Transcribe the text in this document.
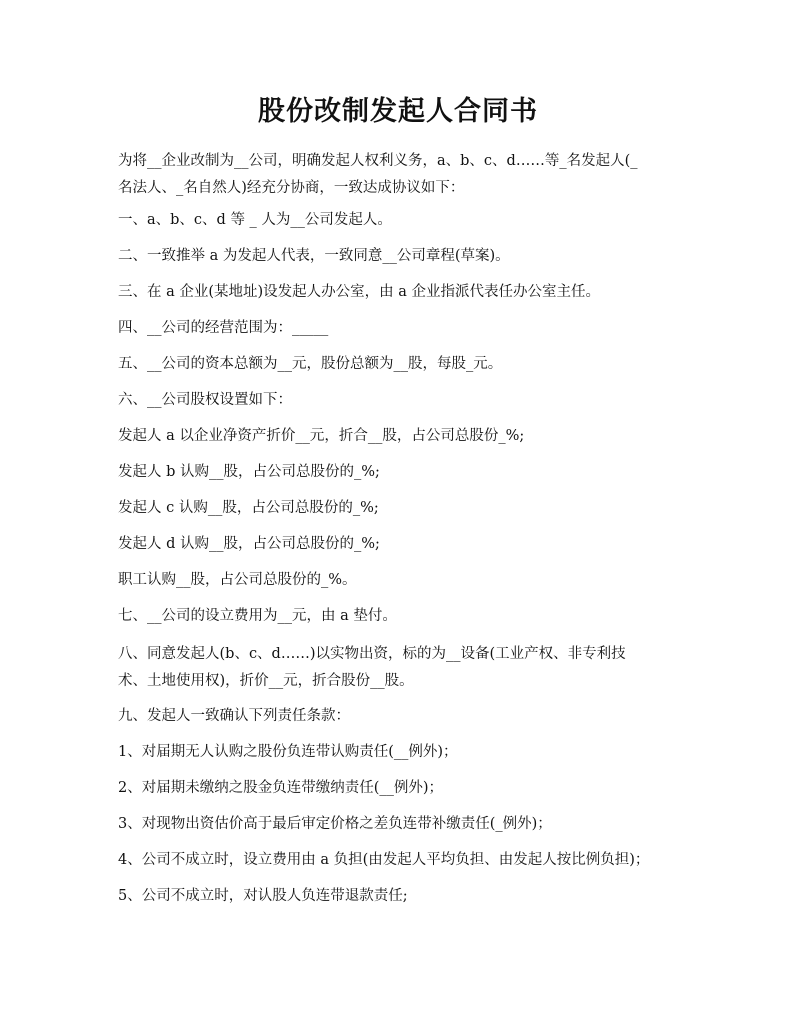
股份改制发起人合同书
为将__企业改制为__公司，明确发起人权利义务，a、b、c、d……等_名发起人(_
名法人、_名自然人)经充分协商，一致达成协议如下：
一、a、b、c、d 等 _ 人为__公司发起人。
二、一致推举 a 为发起人代表，一致同意__公司章程(草案)。
三、在 a 企业(某地址)设发起人办公室，由 a 企业指派代表任办公室主任。
四、__公司的经营范围为：_____
五、__公司的资本总额为__元，股份总额为__股，每股_元。
六、__公司股权设置如下：
发起人 a 以企业净资产折价__元，折合__股，占公司总股份_%;
发起人 b 认购__股，占公司总股份的_%;
发起人 c 认购__股，占公司总股份的_%;
发起人 d 认购__股，占公司总股份的_%;
职工认购__股，占公司总股份的_%。
七、__公司的设立费用为__元，由 a 垫付。
八、同意发起人(b、c、d……)以实物出资，标的为__设备(工业产权、非专利技
术、土地使用权)，折价__元，折合股份__股。
九、发起人一致确认下列责任条款：
1、对届期无人认购之股份负连带认购责任(__例外)；
2、对届期未缴纳之股金负连带缴纳责任(__例外)；
3、对现物出资估价高于最后审定价格之差负连带补缴责任(_例外)；
4、公司不成立时，设立费用由 a 负担(由发起人平均负担、由发起人按比例负担)；
5、公司不成立时，对认股人负连带退款责任;
